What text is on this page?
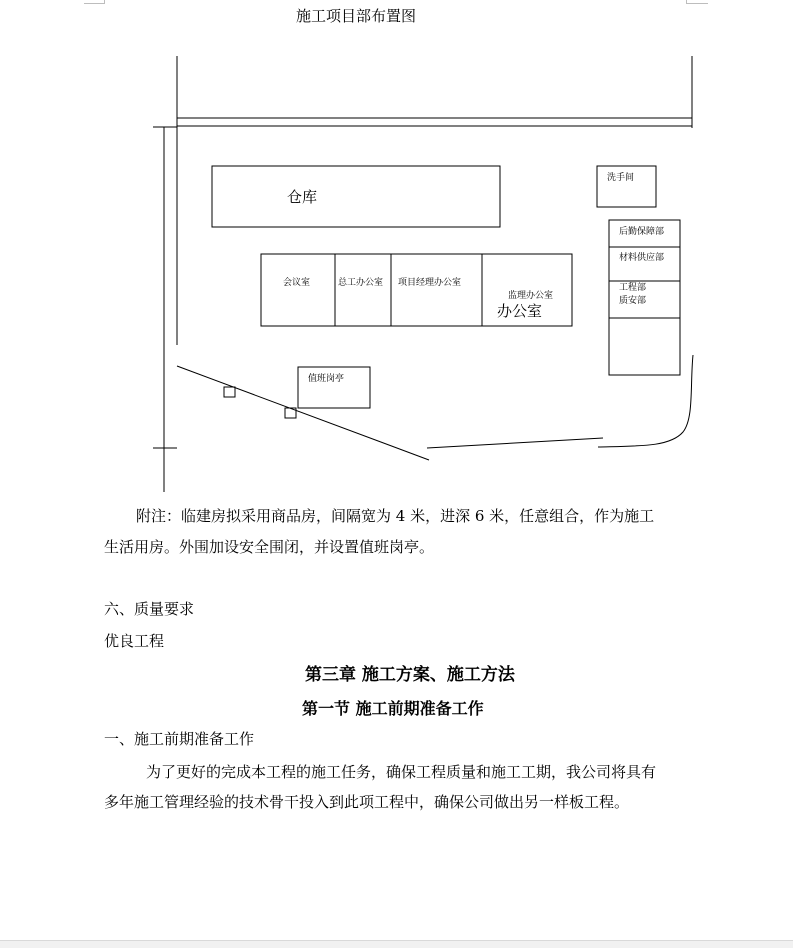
施工项目部布置图
仓库
洗手间
会议室	总工办公室 项目经理办公室
监理办公室
办公室
后勤保障部
材料供应部
工程部
质安部
值班岗亭
附注：临建房拟采用商品房，间隔宽为 4 米，进深 6 米，任意组合，作为施工
生活用房。外围加设安全围闭，并设置值班岗亭。
六、质量要求
优良工程
第三章 施工方案、施工方法
第一节 施工前期准备工作
一、施工前期准备工作
为了更好的完成本工程的施工任务，确保工程质量和施工工期，我公司将具有
多年施工管理经验的技术骨干投入到此项工程中，确保公司做出另一样板工程。
